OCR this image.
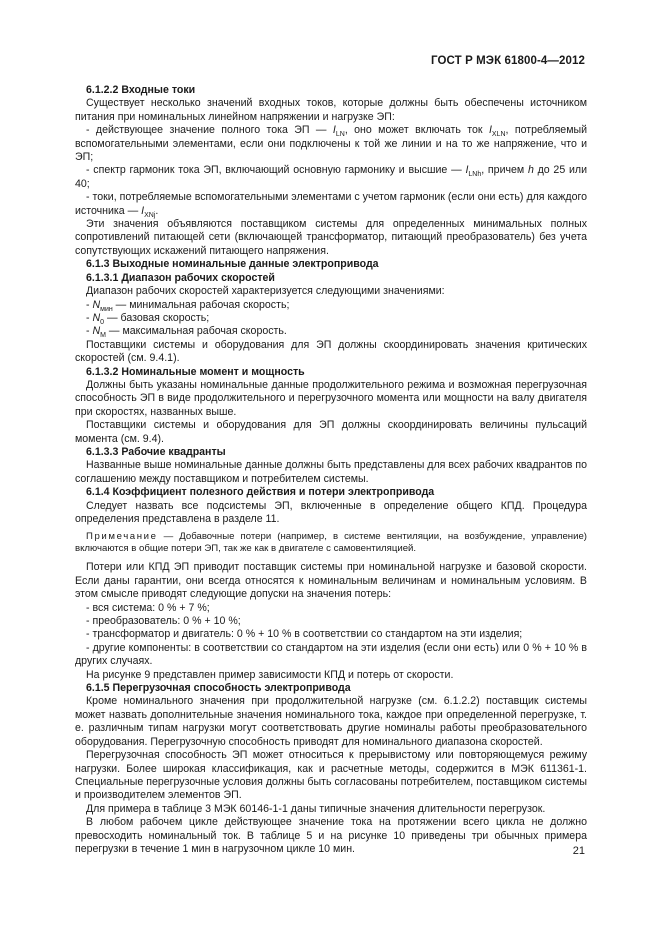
ГОСТ Р МЭК 61800-4—2012

6.1.2.2 Входные токи

Существует несколько значений входных токов, которые должны быть обеспечены источником питания при номинальных линейном напряжении и нагрузке ЭП:

- действующее значение полного тока ЭП — $I_{LN}$, оно может включать ток $I_{XLN}$, потребляемый вспомогательными элементами, если они подключены к той же линии и на то же напряжение, что и ЭП;

- спектр гармоник тока ЭП, включающий основную гармонику и высшие — $I_{LNh}$, причем h до 25 или 40;

- токи, потребляемые вспомогательными элементами с учетом гармоник (если они есть) для каждого источника — $I_{XNj}$.

Эти значения объявляются поставщиком системы для определенных минимальных полных сопротивлений питающей сети (включающей трансформатор, питающий преобразователь) без учета сопутствующих искажений питающего напряжения.

6.1.3 Выходные номинальные данные электропривода

6.1.3.1 Диапазон рабочих скоростей

Диапазон рабочих скоростей характеризуется следующими значениями:

- $N_{мин}$ — минимальная рабочая скорость;

- $N_0$ — базовая скорость;

- $N_M$ — максимальная рабочая скорость.

Поставщики системы и оборудования для ЭП должны скоординировать значения критических скоростей (см. 9.4.1).

6.1.3.2 Номинальные момент и мощность

Должны быть указаны номинальные данные продолжительного режима и возможная перегрузочная способность ЭП в виде продолжительного и перегрузочного момента или мощности на валу двигателя при скоростях, названных выше.

Поставщики системы и оборудования для ЭП должны скоординировать величины пульсаций момента (см. 9.4).

6.1.3.3 Рабочие квадранты

Названные выше номинальные данные должны быть представлены для всех рабочих квадрантов по соглашению между поставщиком и потребителем системы.

6.1.4 Коэффициент полезного действия и потери электропривода

Следует назвать все подсистемы ЭП, включенные в определение общего КПД. Процедура определения представлена в разделе 11.

Примечание — Добавочные потери (например, в системе вентиляции, на возбуждение, управление) включаются в общие потери ЭП, так же как в двигателе с самовентиляцией.

Потери или КПД ЭП приводит поставщик системы при номинальной нагрузке и базовой скорости. Если даны гарантии, они всегда относятся к номинальным величинам и номинальным условиям. В этом смысле приводят следующие допуски на значения потерь:

- вся система: 0 % + 7 %;

- преобразователь: 0 % + 10 %;

- трансформатор и двигатель: 0 % + 10 % в соответствии со стандартом на эти изделия;

- другие компоненты: в соответствии со стандартом на эти изделия (если они есть) или 0 % + 10 % в других случаях.

На рисунке 9 представлен пример зависимости КПД и потерь от скорости.

6.1.5 Перегрузочная способность электропривода

Кроме номинального значения при продолжительной нагрузке (см. 6.1.2.2) поставщик системы может назвать дополнительные значения номинального тока, каждое при определенной перегрузке, т. е. различным типам нагрузки могут соответствовать другие номиналы работы преобразовательного оборудования. Перегрузочную способность приводят для номинального диапазона скоростей.

Перегрузочная способность ЭП может относиться к прерывистому или повторяющемуся режиму нагрузки. Более широкая классификация, как и расчетные методы, содержится в МЭК 611361-1. Специальные перегрузочные условия должны быть согласованы потребителем, поставщиком системы и производителем элементов ЭП.

Для примера в таблице 3 МЭК 60146-1-1 даны типичные значения длительности перегрузок.

В любом рабочем цикле действующее значение тока на протяжении всего цикла не должно превосходить номинальный ток. В таблице 5 и на рисунке 10 приведены три обычных примера перегрузки в течение 1 мин в нагрузочном цикле 10 мин.	21
